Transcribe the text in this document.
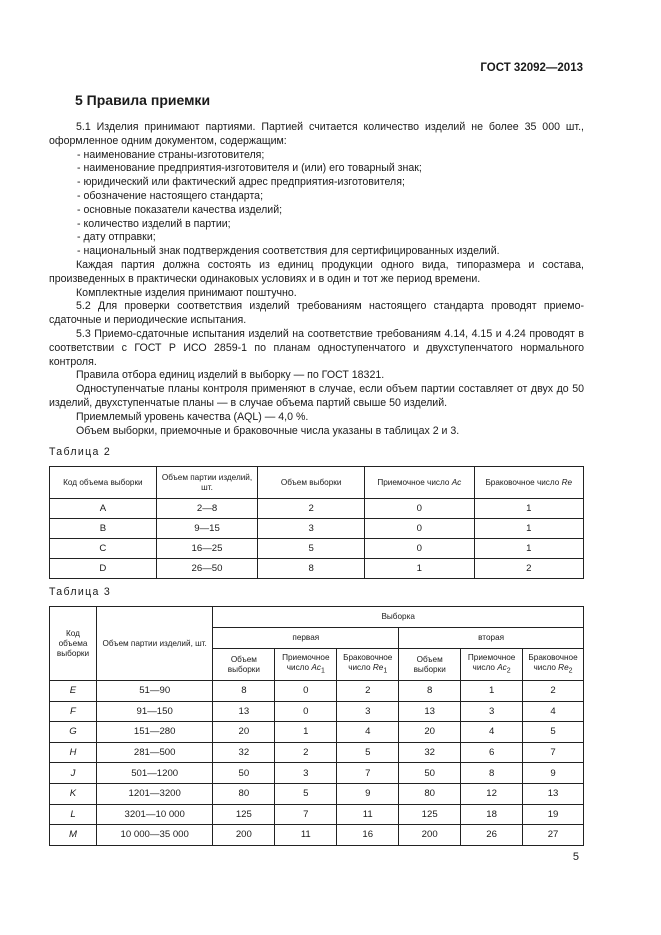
ГОСТ 32092—2013
5 Правила приемки

5.1 Изделия принимают партиями. Партией считается количество изделий не более 35 000 шт., оформленное одним документом, содержащим:

- наименование страны-изготовителя;

- наименование предприятия-изготовителя и (или) его товарный знак;

- юридический или фактический адрес предприятия-изготовителя;

- обозначение настоящего стандарта;

- основные показатели качества изделий;

- количество изделий в партии;

- дату отправки;

- национальный знак подтверждения соответствия для сертифицированных изделий.

Каждая партия должна состоять из единиц продукции одного вида, типоразмера и состава, произведенных в практически одинаковых условиях и в один и тот же период времени.

Комплектные изделия принимают поштучно.

5.2 Для проверки соответствия изделий требованиям настоящего стандарта проводят приемо-сдаточные и периодические испытания.

5.3 Приемо-сдаточные испытания изделий на соответствие требованиям 4.14, 4.15 и 4.24 проводят в соответствии с ГОСТ Р ИСО 2859-1 по планам одноступенчатого и двухступенчатого нормального контроля.

Правила отбора единиц изделий в выборку — по ГОСТ 18321.

Одноступенчатые планы контроля применяют в случае, если объем партии составляет от двух до 50 изделий, двухступенчатые планы — в случае объема партий свыше 50 изделий.

Приемлемый уровень качества (AQL) — 4,0 %.

Объем выборки, приемочные и браковочные числа указаны в таблицах 2 и 3.

Таблица 2
Код объема выборки	Объем партии изделий, шт.	Объем выборки	Приемочное число Ac	Браковочное число Re
A	2—8	2	0	1
B	9—15	3	0	1
C	16—25	5	0	1
D	26—50	8	1	2
Таблица 3
Код объема выборки	Объем партии изделий, шт.	Выборка					
		первая			вторая		
		Объем выборки	Приемочное число $Ac_1$	Браковочное число $Re_1$	Объем выборки	Приемочное число $Ac_2$	Браковочное число $Re_2$
E	51—90	8	0	2	8	1	2
F	91—150	13	0	3	13	3	4
G	151—280	20	1	4	20	4	5
H	281—500	32	2	5	32	6	7
J	501—1200	50	3	7	50	8	9
K	1201—3200	80	5	9	80	12	13
L	3201—10 000	125	7	11	125	18	19
M	10 000—35 000	200	11	16	200	26	27
5
